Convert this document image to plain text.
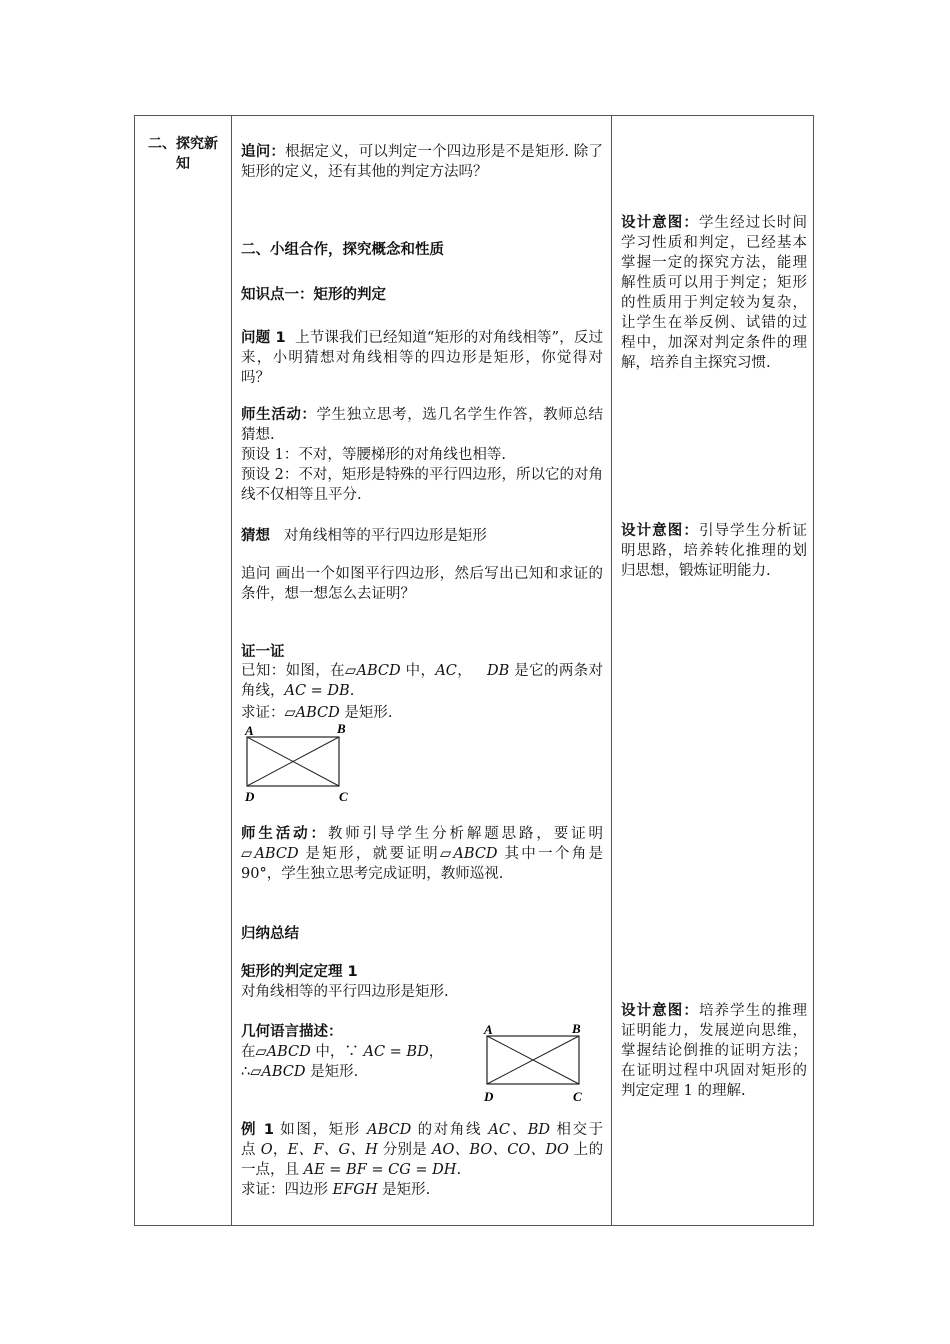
二、探究新知
追问：根据定义，可以判定一个四边形是不是矩形. 除了矩形的定义，还有其他的判定方法吗？
二、小组合作，探究概念和性质
知识点一：矩形的判定
问题 1 上节课我们已经知道“矩形的对角线相等”，反过来，小明猜想对角线相等的四边形是矩形，你觉得对吗？
师生活动：学生独立思考，选几名学生作答，教师总结猜想.
预设 1：不对，等腰梯形的对角线也相等.
预设 2：不对，矩形是特殊的平行四边形，所以它的对角线不仅相等且平分.
猜想 对角线相等的平行四边形是矩形
追问 画出一个如图平行四边形，然后写出已知和求证的条件，想一想怎么去证明？
证一证
已知：如图，在▱ABCD 中，AC， DB 是它的两条对角线，AC = DB.
求证：▱ABCD 是矩形.
A	B
C
D
师生活动：教师引导学生分析解题思路，要证明▱ABCD 是矩形，就要证明▱ABCD 其中一个角是 90°，学生独立思考完成证明，教师巡视.
归纳总结
矩形的判定定理 1
对角线相等的平行四边形是矩形.
几何语言描述：
在▱ABCD 中，∵ AC = BD，
∴▱ABCD 是矩形.
A	B
C
D
例 1 如图，矩形 ABCD 的对角线 AC、BD 相交于点 O，E、F、G、H 分别是 AO、BO、CO、DO 上的一点，且 AE = BF = CG = DH.
求证：四边形 EFGH 是矩形.
设计意图：学生经过长时间学习性质和判定，已经基本掌握一定的探究方法，能理解性质可以用于判定；矩形的性质用于判定较为复杂，让学生在举反例、试错的过程中，加深对判定条件的理解，培养自主探究习惯.
设计意图：引导学生分析证明思路，培养转化推理的划归思想，锻炼证明能力.
设计意图：培养学生的推理证明能力，发展逆向思维，掌握结论倒推的证明方法；在证明过程中巩固对矩形的判定定理 1 的理解.
